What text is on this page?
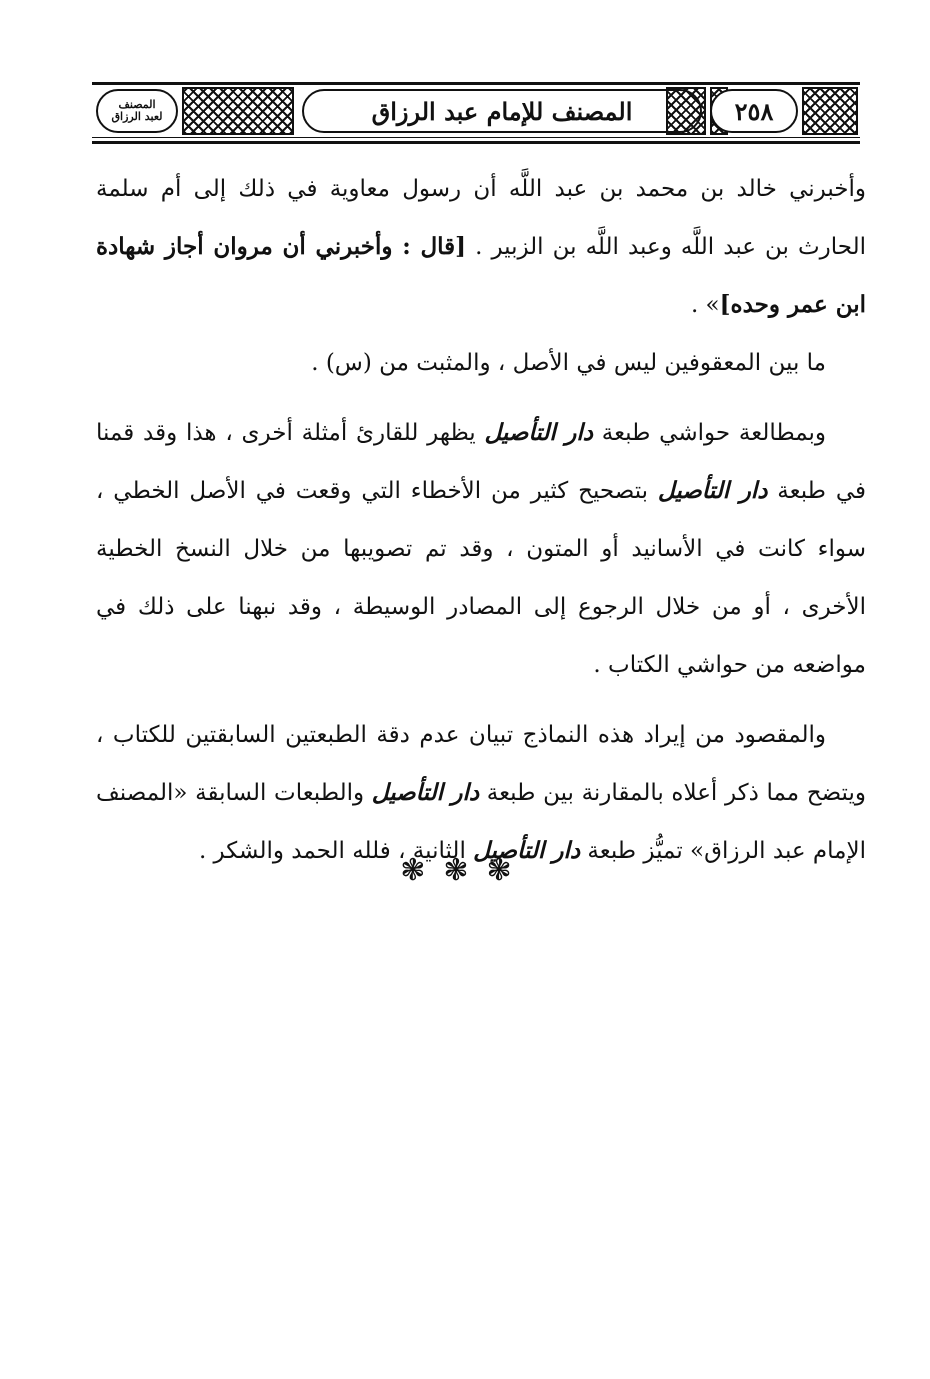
المصنف
لعبد الرزاق	المصنف للإمام عبد الرزاق	٢٥٨

وأخبرني خالد بن محمد بن عبد اللَّه أن رسول معاوية في ذلك إلى أم سلمة الحارث بن عبد اللَّه وعبد اللَّه بن الزبير . [قال : وأخبرني أن مروان أجاز شهادة ابن عمر وحده]» .

ما بين المعقوفين ليس في الأصل ، والمثبت من (س) .

وبمطالعة حواشي طبعة دار التأصيل يظهر للقارئ أمثلة أخرى ، هذا وقد قمنا في طبعة دار التأصيل بتصحيح كثير من الأخطاء التي وقعت في الأصل الخطي ، سواء كانت في الأسانيد أو المتون ، وقد تم تصويبها من خلال النسخ الخطية الأخرى ، أو من خلال الرجوع إلى المصادر الوسيطة ، وقد نبهنا على ذلك في مواضعه من حواشي الكتاب .

والمقصود من إيراد هذه النماذج تبيان عدم دقة الطبعتين السابقتين للكتاب ، ويتضح مما ذكر أعلاه بالمقارنة بين طبعة دار التأصيل والطبعات السابقة «المصنف الإمام عبد الرزاق» تميُّز طبعة دار التأصيل الثانية ، فلله الحمد والشكر .

❃❃❃
